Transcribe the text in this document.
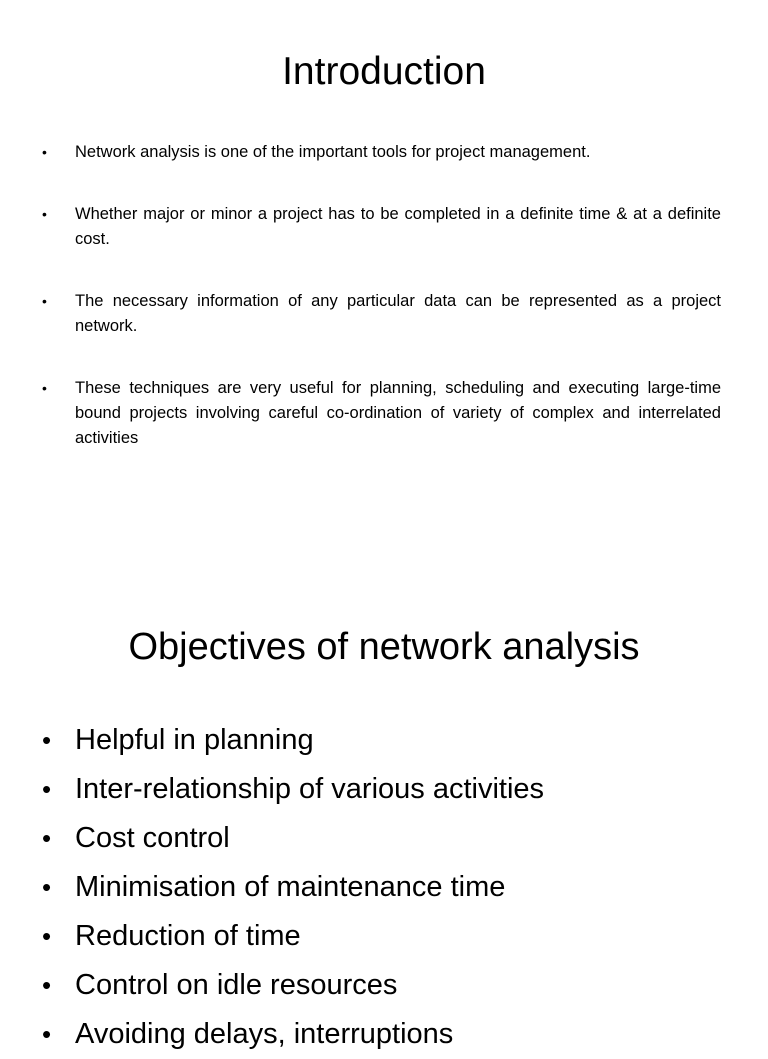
Introduction
• Network analysis is one of the important tools for project management.
• Whether major or minor a project has to be completed in a definite time & at a definite cost.
• The necessary information of any particular data can be represented as a project network.
• These techniques are very useful for planning, scheduling and executing large-time bound projects involving careful co-ordination of variety of complex and interrelated activities
Objectives of network analysis
• Helpful in planning
• Inter-relationship of various activities
• Cost control
• Minimisation of maintenance time
• Reduction of time
• Control on idle resources
• Avoiding delays, interruptions
